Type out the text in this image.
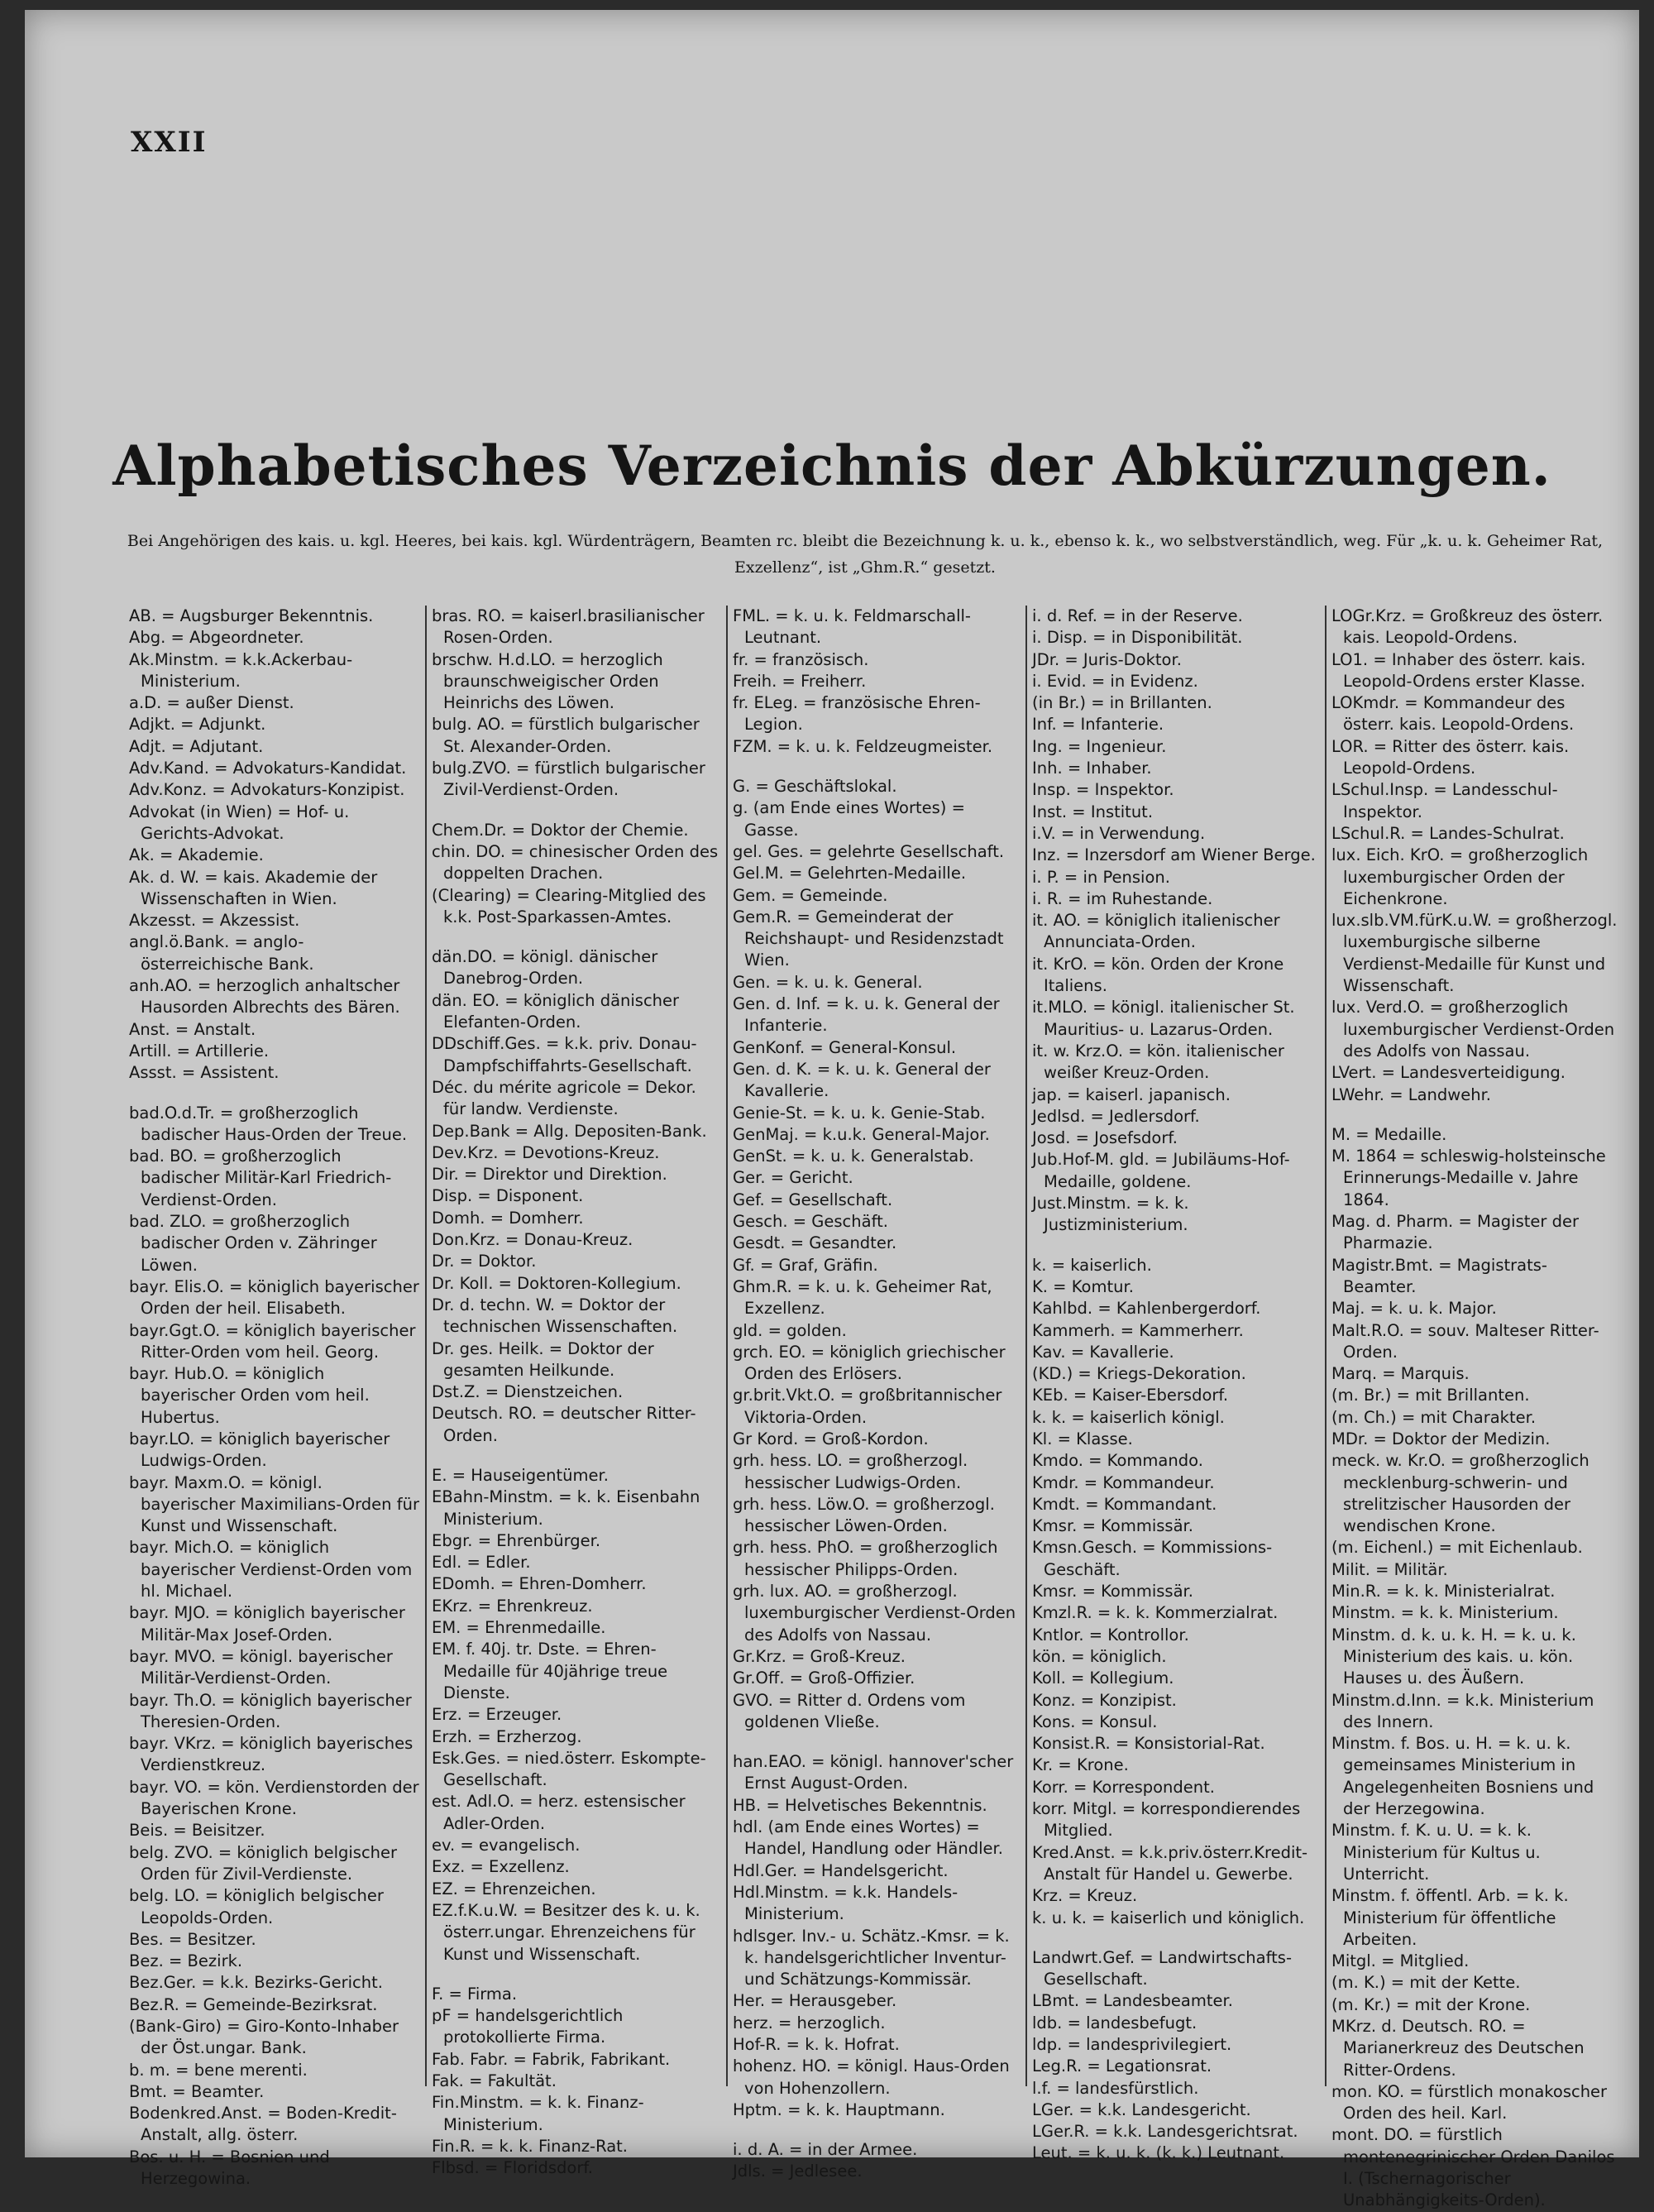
XXII
Alphabetisches Verzeichnis der Abkürzungen.
Bei Angehörigen des kais. u. kgl. Heeres, bei kais. kgl. Würdenträgern, Beamten rc. bleibt die Bezeichnung k. u. k., ebenso k. k., wo selbstverständlich, weg. Für „k. u. k. Geheimer Rat, Exzellenz“, ist „Ghm.R.“ gesetzt.
AB. = Augsburger Bekenntnis.
Abg. = Abgeordneter.
Ak.Minstm. = k.k.Ackerbau-Ministerium.
a.D. = außer Dienst.
Adjkt. = Adjunkt.
Adjt. = Adjutant.
Adv.Kand. = Advokaturs-Kandidat.
Adv.Konz. = Advokaturs-Konzipist.
Advokat (in Wien) = Hof- u. Gerichts-Advokat.
Ak. = Akademie.
Ak. d. W. = kais. Akademie der Wissenschaften in Wien.
Akzesst. = Akzessist.
angl.ö.Bank. = anglo-österreichische Bank.
anh.AO. = herzoglich anhaltscher Hausorden Albrechts des Bären.
Anst. = Anstalt.
Artill. = Artillerie.
Assst. = Assistent.
bad.O.d.Tr. = großherzoglich badischer Haus-Orden der Treue.
bad. BO. = großherzoglich badischer Militär-Karl Friedrich-Verdienst-Orden.
bad. ZLO. = großherzoglich badischer Orden v. Zähringer Löwen.
bayr. Elis.O. = königlich bayerischer Orden der heil. Elisabeth.
bayr.Ggt.O. = königlich bayerischer Ritter-Orden vom heil. Georg.
bayr. Hub.O. = königlich bayerischer Orden vom heil. Hubertus.
bayr.LO. = königlich bayerischer Ludwigs-Orden.
bayr. Maxm.O. = königl. bayerischer Maximilians-Orden für Kunst und Wissenschaft.
bayr. Mich.O. = königlich bayerischer Verdienst-Orden vom hl. Michael.
bayr. MJO. = königlich bayerischer Militär-Max Josef-Orden.
bayr. MVO. = königl. bayerischer Militär-Verdienst-Orden.
bayr. Th.O. = königlich bayerischer Theresien-Orden.
bayr. VKrz. = königlich bayerisches Verdienstkreuz.
bayr. VO. = kön. Verdienstorden der Bayerischen Krone.
Beis. = Beisitzer.
belg. ZVO. = königlich belgischer Orden für Zivil-Verdienste.
belg. LO. = königlich belgischer Leopolds-Orden.
Bes. = Besitzer.
Bez. = Bezirk.
Bez.Ger. = k.k. Bezirks-Gericht.
Bez.R. = Gemeinde-Bezirksrat.
(Bank-Giro) = Giro-Konto-Inhaber der Öst.ungar. Bank.
b. m. = bene merenti.
Bmt. = Beamter.
Bodenkred.Anst. = Boden-Kredit-Anstalt, allg. österr.
Bos. u. H. = Bosnien und Herzegowina.
bras. RO. = kaiserl.brasilianischer Rosen-Orden.
brschw. H.d.LO. = herzoglich braunschweigischer Orden Heinrichs des Löwen.
bulg. AO. = fürstlich bulgarischer St. Alexander-Orden.
bulg.ZVO. = fürstlich bulgarischer Zivil-Verdienst-Orden.
Chem.Dr. = Doktor der Chemie.
chin. DO. = chinesischer Orden des doppelten Drachen.
(Clearing) = Clearing-Mitglied des k.k. Post-Sparkassen-Amtes.
dän.DO. = königl. dänischer Danebrog-Orden.
dän. EO. = königlich dänischer Elefanten-Orden.
DDschiff.Ges. = k.k. priv. Donau-Dampfschiffahrts-Gesellschaft.
Déc. du mérite agricole = Dekor. für landw. Verdienste.
Dep.Bank = Allg. Depositen-Bank.
Dev.Krz. = Devotions-Kreuz.
Dir. = Direktor und Direktion.
Disp. = Disponent.
Domh. = Domherr.
Don.Krz. = Donau-Kreuz.
Dr. = Doktor.
Dr. Koll. = Doktoren-Kollegium.
Dr. d. techn. W. = Doktor der technischen Wissenschaften.
Dr. ges. Heilk. = Doktor der gesamten Heilkunde.
Dst.Z. = Dienstzeichen.
Deutsch. RO. = deutscher Ritter-Orden.
E. = Hauseigentümer.
EBahn-Minstm. = k. k. Eisenbahn Ministerium.
Ebgr. = Ehrenbürger.
Edl. = Edler.
EDomh. = Ehren-Domherr.
EKrz. = Ehrenkreuz.
EM. = Ehrenmedaille.
EM. f. 40j. tr. Dste. = Ehren-Medaille für 40jährige treue Dienste.
Erz. = Erzeuger.
Erzh. = Erzherzog.
Esk.Ges. = nied.österr. Eskompte-Gesellschaft.
est. Adl.O. = herz. estensischer Adler-Orden.
ev. = evangelisch.
Exz. = Exzellenz.
EZ. = Ehrenzeichen.
EZ.f.K.u.W. = Besitzer des k. u. k. österr.ungar. Ehrenzeichens für Kunst und Wissenschaft.
F. = Firma.
pF = handelsgerichtlich protokollierte Firma.
Fab. Fabr. = Fabrik, Fabrikant.
Fak. = Fakultät.
Fin.Minstm. = k. k. Finanz-Ministerium.
Fin.R. = k. k. Finanz-Rat.
Flbsd. = Floridsdorf.
FML. = k. u. k. Feldmarschall-Leutnant.
fr. = französisch.
Freih. = Freiherr.
fr. ELeg. = französische Ehren-Legion.
FZM. = k. u. k. Feldzeugmeister.
G. = Geschäftslokal.
g. (am Ende eines Wortes) = Gasse.
gel. Ges. = gelehrte Gesellschaft.
Gel.M. = Gelehrten-Medaille.
Gem. = Gemeinde.
Gem.R. = Gemeinderat der Reichshaupt- und Residenzstadt Wien.
Gen. = k. u. k. General.
Gen. d. Inf. = k. u. k. General der Infanterie.
GenKonf. = General-Konsul.
Gen. d. K. = k. u. k. General der Kavallerie.
Genie-St. = k. u. k. Genie-Stab.
GenMaj. = k.u.k. General-Major.
GenSt. = k. u. k. Generalstab.
Ger. = Gericht.
Gef. = Gesellschaft.
Gesch. = Geschäft.
Gesdt. = Gesandter.
Gf. = Graf, Gräfin.
Ghm.R. = k. u. k. Geheimer Rat, Exzellenz.
gld. = golden.
grch. EO. = königlich griechischer Orden des Erlösers.
gr.brit.Vkt.O. = großbritannischer Viktoria-Orden.
Gr Kord. = Groß-Kordon.
grh. hess. LO. = großherzogl. hessischer Ludwigs-Orden.
grh. hess. Löw.O. = großherzogl. hessischer Löwen-Orden.
grh. hess. PhO. = großherzoglich hessischer Philipps-Orden.
grh. lux. AO. = großherzogl. luxemburgischer Verdienst-Orden des Adolfs von Nassau.
Gr.Krz. = Groß-Kreuz.
Gr.Off. = Groß-Offizier.
GVO. = Ritter d. Ordens vom goldenen Vließe.
han.EAO. = königl. hannover'scher Ernst August-Orden.
HB. = Helvetisches Bekenntnis.
hdl. (am Ende eines Wortes) = Handel, Handlung oder Händler.
Hdl.Ger. = Handelsgericht.
Hdl.Minstm. = k.k. Handels-Ministerium.
hdlsger. Inv.- u. Schätz.-Kmsr. = k. k. handelsgerichtlicher Inventur- und Schätzungs-Kommissär.
Her. = Herausgeber.
herz. = herzoglich.
Hof-R. = k. k. Hofrat.
hohenz. HO. = königl. Haus-Orden von Hohenzollern.
Hptm. = k. k. Hauptmann.
i. d. A. = in der Armee.
Jdls. = Jedlesee.
i. d. Ref. = in der Reserve.
i. Disp. = in Disponibilität.
JDr. = Juris-Doktor.
i. Evid. = in Evidenz.
(in Br.) = in Brillanten.
Inf. = Infanterie.
Ing. = Ingenieur.
Inh. = Inhaber.
Insp. = Inspektor.
Inst. = Institut.
i.V. = in Verwendung.
Inz. = Inzersdorf am Wiener Berge.
i. P. = in Pension.
i. R. = im Ruhestande.
it. AO. = königlich italienischer Annunciata-Orden.
it. KrO. = kön. Orden der Krone Italiens.
it.MLO. = königl. italienischer St. Mauritius- u. Lazarus-Orden.
it. w. Krz.O. = kön. italienischer weißer Kreuz-Orden.
jap. = kaiserl. japanisch.
Jedlsd. = Jedlersdorf.
Josd. = Josefsdorf.
Jub.Hof-M. gld. = Jubiläums-Hof-Medaille, goldene.
Just.Minstm. = k. k. Justizministerium.
k. = kaiserlich.
K. = Komtur.
Kahlbd. = Kahlenbergerdorf.
Kammerh. = Kammerherr.
Kav. = Kavallerie.
(KD.) = Kriegs-Dekoration.
KEb. = Kaiser-Ebersdorf.
k. k. = kaiserlich königl.
Kl. = Klasse.
Kmdo. = Kommando.
Kmdr. = Kommandeur.
Kmdt. = Kommandant.
Kmsr. = Kommissär.
Kmsn.Gesch. = Kommissions-Geschäft.
Kmsr. = Kommissär.
Kmzl.R. = k. k. Kommerzialrat.
Kntlor. = Kontrollor.
kön. = königlich.
Koll. = Kollegium.
Konz. = Konzipist.
Kons. = Konsul.
Konsist.R. = Konsistorial-Rat.
Kr. = Krone.
Korr. = Korrespondent.
korr. Mitgl. = korrespondierendes Mitglied.
Kred.Anst. = k.k.priv.österr.Kredit-Anstalt für Handel u. Gewerbe.
Krz. = Kreuz.
k. u. k. = kaiserlich und königlich.
Landwrt.Gef. = Landwirtschafts-Gesellschaft.
LBmt. = Landesbeamter.
ldb. = landesbefugt.
ldp. = landesprivilegiert.
Leg.R. = Legationsrat.
l.f. = landesfürstlich.
LGer. = k.k. Landesgericht.
LGer.R. = k.k. Landesgerichtsrat.
Leut. = k. u. k. (k. k.) Leutnant.
LOGr.Krz. = Großkreuz des österr. kais. Leopold-Ordens.
LO1. = Inhaber des österr. kais. Leopold-Ordens erster Klasse.
LOKmdr. = Kommandeur des österr. kais. Leopold-Ordens.
LOR. = Ritter des österr. kais. Leopold-Ordens.
LSchul.Insp. = Landesschul-Inspektor.
LSchul.R. = Landes-Schulrat.
lux. Eich. KrO. = großherzoglich luxemburgischer Orden der Eichenkrone.
lux.slb.VM.fürK.u.W. = großherzogl. luxemburgische silberne Verdienst-Medaille für Kunst und Wissenschaft.
lux. Verd.O. = großherzoglich luxemburgischer Verdienst-Orden des Adolfs von Nassau.
LVert. = Landesverteidigung.
LWehr. = Landwehr.
M. = Medaille.
M. 1864 = schleswig-holsteinsche Erinnerungs-Medaille v. Jahre 1864.
Mag. d. Pharm. = Magister der Pharmazie.
Magistr.Bmt. = Magistrats-Beamter.
Maj. = k. u. k. Major.
Malt.R.O. = souv. Malteser Ritter-Orden.
Marq. = Marquis.
(m. Br.) = mit Brillanten.
(m. Ch.) = mit Charakter.
MDr. = Doktor der Medizin.
meck. w. Kr.O. = großherzoglich mecklenburg-schwerin- und strelitzischer Hausorden der wendischen Krone.
(m. Eichenl.) = mit Eichenlaub.
Milit. = Militär.
Min.R. = k. k. Ministerialrat.
Minstm. = k. k. Ministerium.
Minstm. d. k. u. k. H. = k. u. k. Ministerium des kais. u. kön. Hauses u. des Äußern.
Minstm.d.Inn. = k.k. Ministerium des Innern.
Minstm. f. Bos. u. H. = k. u. k. gemeinsames Ministerium in Angelegenheiten Bosniens und der Herzegowina.
Minstm. f. K. u. U. = k. k. Ministerium für Kultus u. Unterricht.
Minstm. f. öffentl. Arb. = k. k. Ministerium für öffentliche Arbeiten.
Mitgl. = Mitglied.
(m. K.) = mit der Kette.
(m. Kr.) = mit der Krone.
MKrz. d. Deutsch. RO. = Marianerkreuz des Deutschen Ritter-Ordens.
mon. KO. = fürstlich monakoscher Orden des heil. Karl.
mont. DO. = fürstlich montenegrinischer Orden Danilos I. (Tschernagorischer Unabhängigkeits-Orden).
